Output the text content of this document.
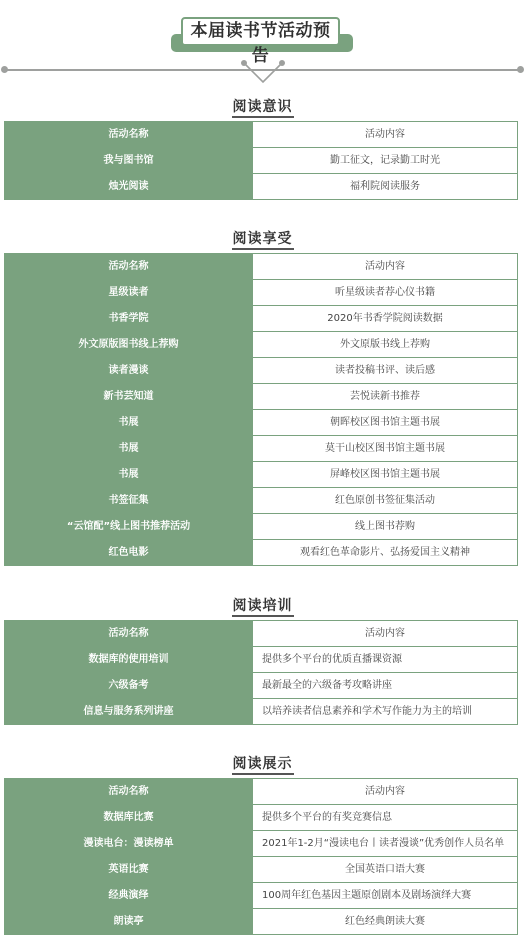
本届读书节活动预告
阅读意识
活动名称	活动内容
我与图书馆	勤工征文，记录勤工时光
烛光阅读	福利院阅读服务
阅读享受
活动名称	活动内容
星级读者	听星级读者荐心仪书籍
书香学院	2020年书香学院阅读数据
外文原版图书线上荐购	外文原版书线上荐购
读者漫谈	读者投稿书评、读后感
新书芸知道	芸悦读新书推荐
书展	朝晖校区图书馆主题书展
书展	莫干山校区图书馆主题书展
书展	屏峰校区图书馆主题书展
书签征集	红色原创书签征集活动
“云馆配”线上图书推荐活动	线上图书荐购
红色电影	观看红色革命影片、弘扬爱国主义精神
阅读培训
活动名称	活动内容
数据库的使用培训	提供多个平台的优质直播课资源
六级备考	最新最全的六级备考攻略讲座
信息与服务系列讲座	以培养读者信息素养和学术写作能力为主的培训
阅读展示
活动名称	活动内容
数据库比赛	提供多个平台的有奖竞赛信息
漫读电台：漫读榜单	2021年1-2月“漫读电台丨读者漫谈”优秀创作人员名单
英语比赛	全国英语口语大赛
经典演绎	100周年红色基因主题原创剧本及剧场演绎大赛
朗读亭	红色经典朗读大赛
